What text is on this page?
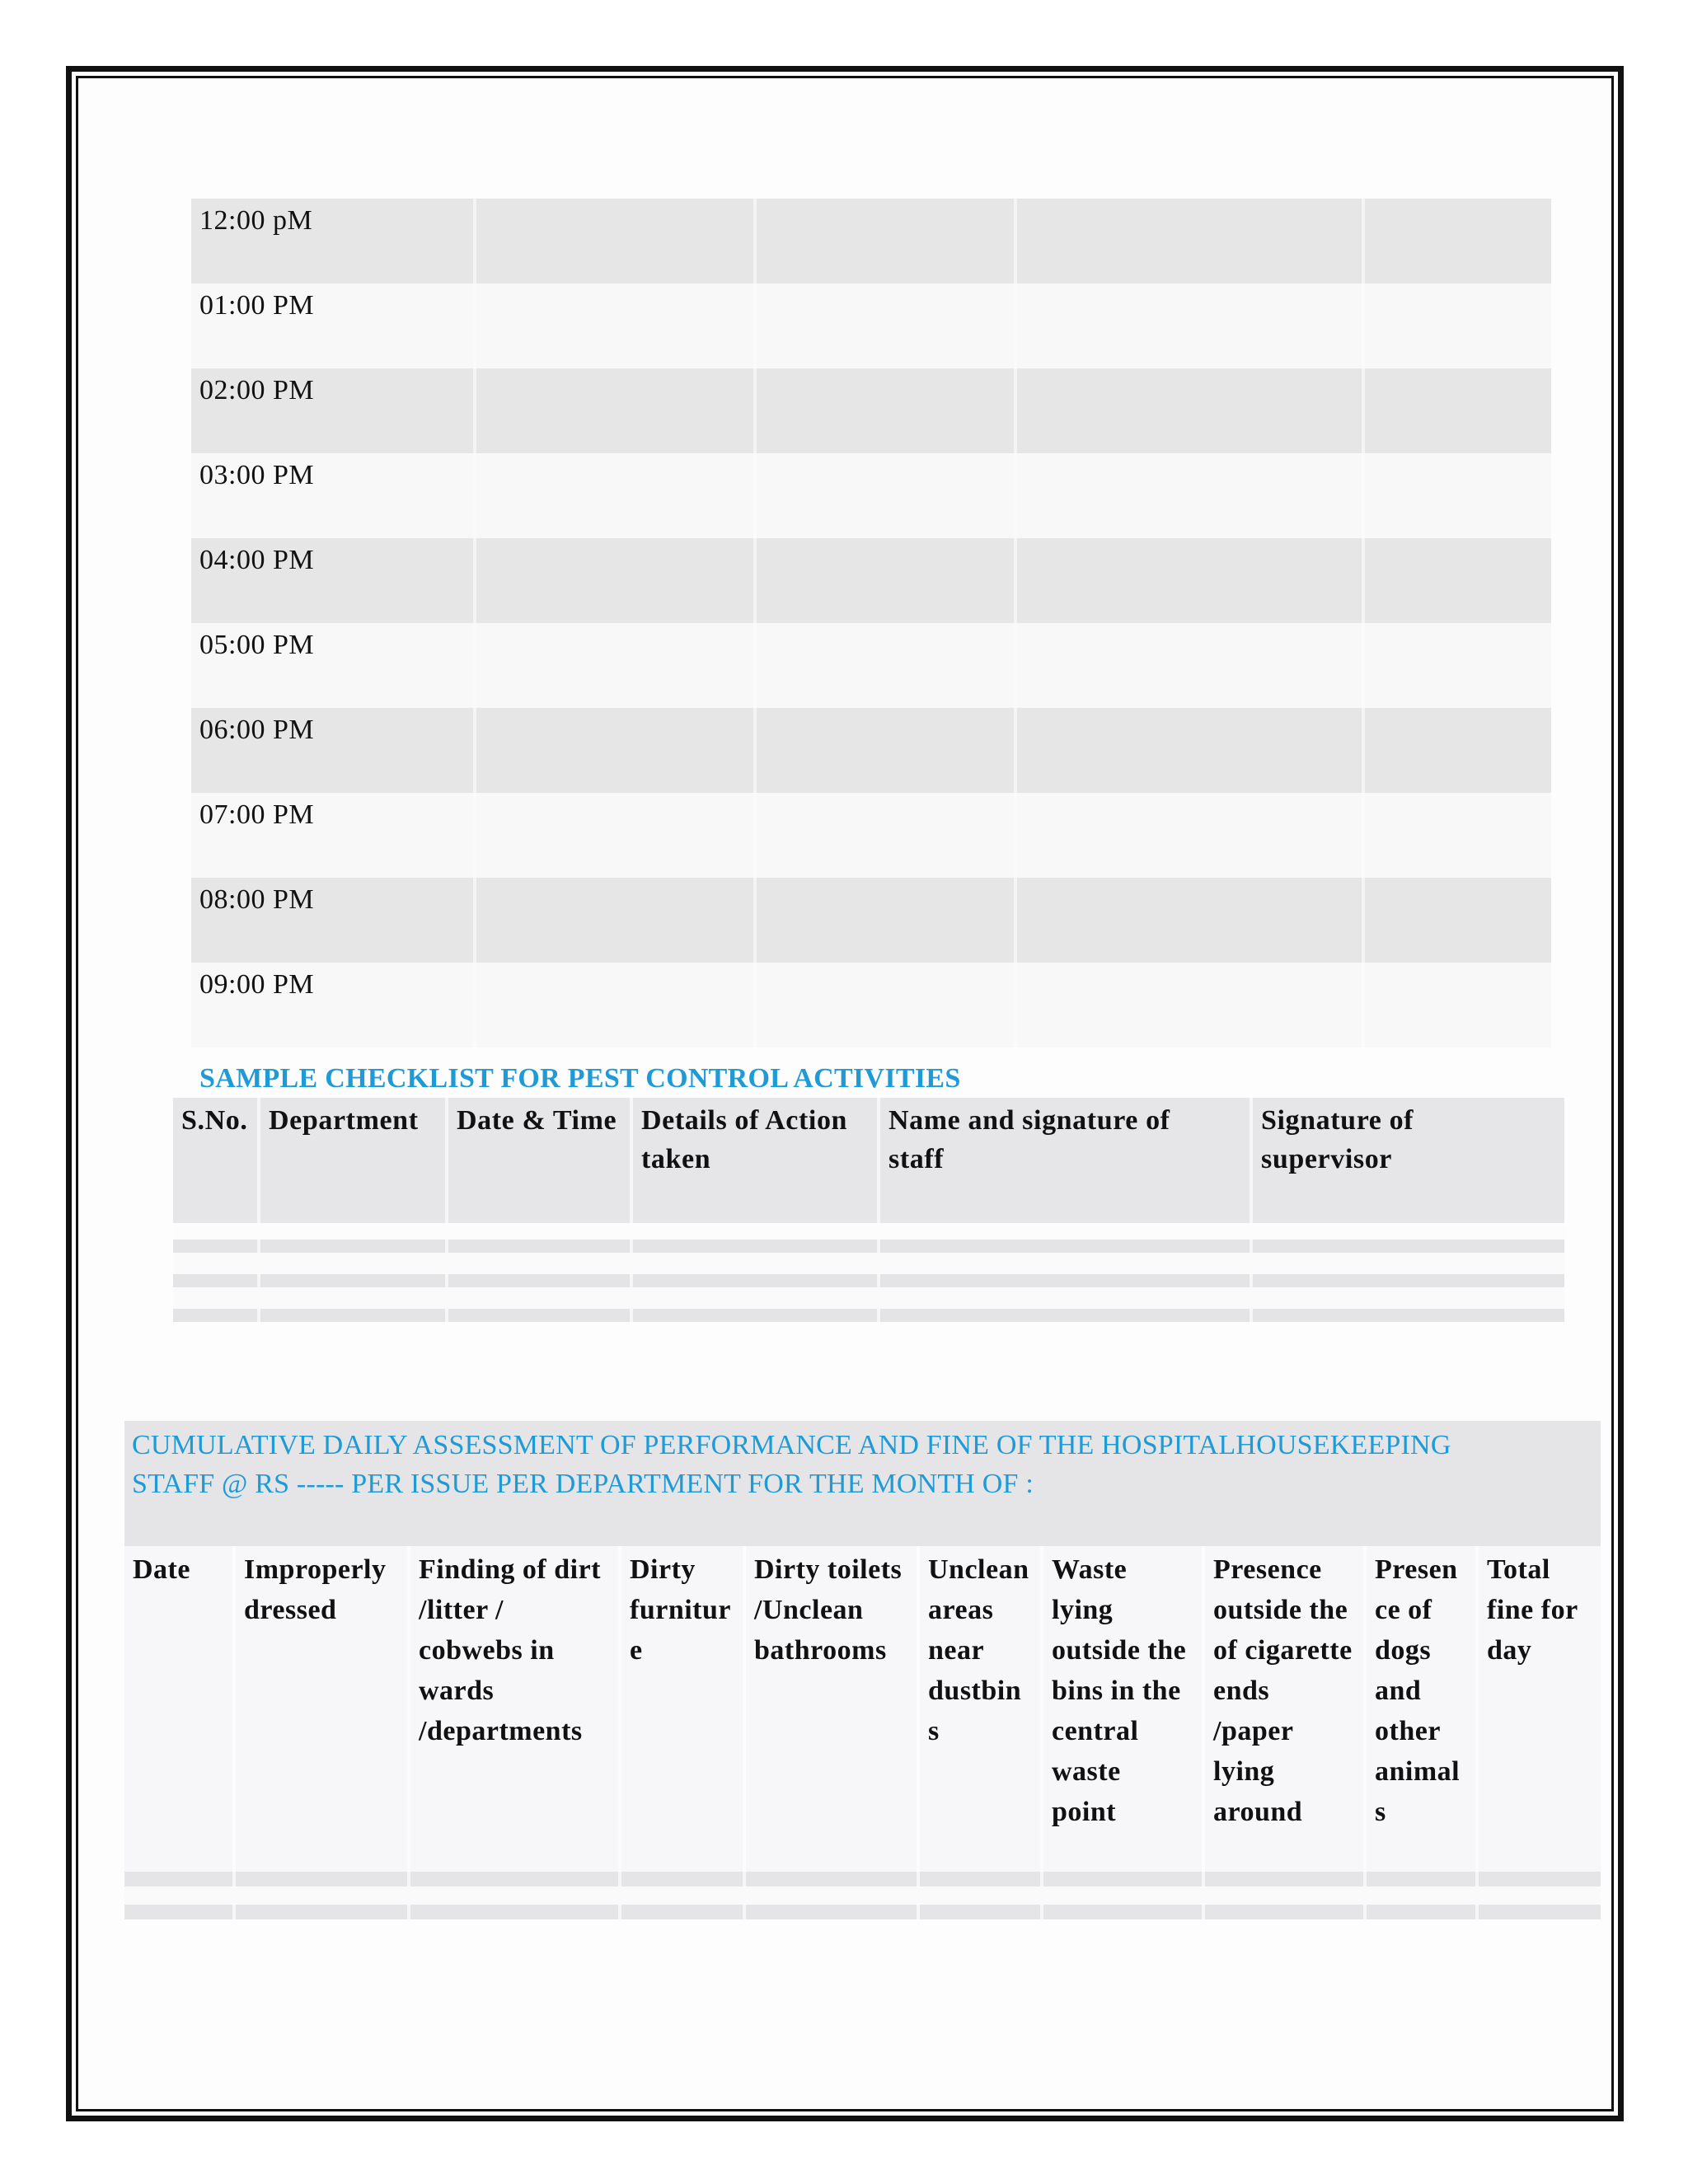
12:00 pM
01:00 PM
02:00 PM
03:00 PM
04:00 PM
05:00 PM
06:00 PM
07:00 PM
08:00 PM
09:00 PM
SAMPLE CHECKLIST FOR PEST CONTROL ACTIVITIES
S.No. Department	Date & Time Details of Action
taken
Name and signature of
staff
Signature of
supervisor
CUMULATIVE DAILY ASSESSMENT OF PERFORMANCE AND FINE OF THE HOSPITALHOUSEKEEPING
STAFF @ RS ----- PER ISSUE PER DEPARTMENT FOR THE MONTH OF :
Date	Improperly
dressed
Finding of dirt
/litter /
cobwebs in
wards
/departments
Dirty
furnitur
e
Dirty toilets
/Unclean
bathrooms
Unclean
areas
near
dustbin
s
Waste
lying
outside the
bins in the
central
waste
point
Presence
outside the
of cigarette
ends
/paper
lying
around
Presen
ce of
dogs
and
other
animal
s
Total
fine for
day
